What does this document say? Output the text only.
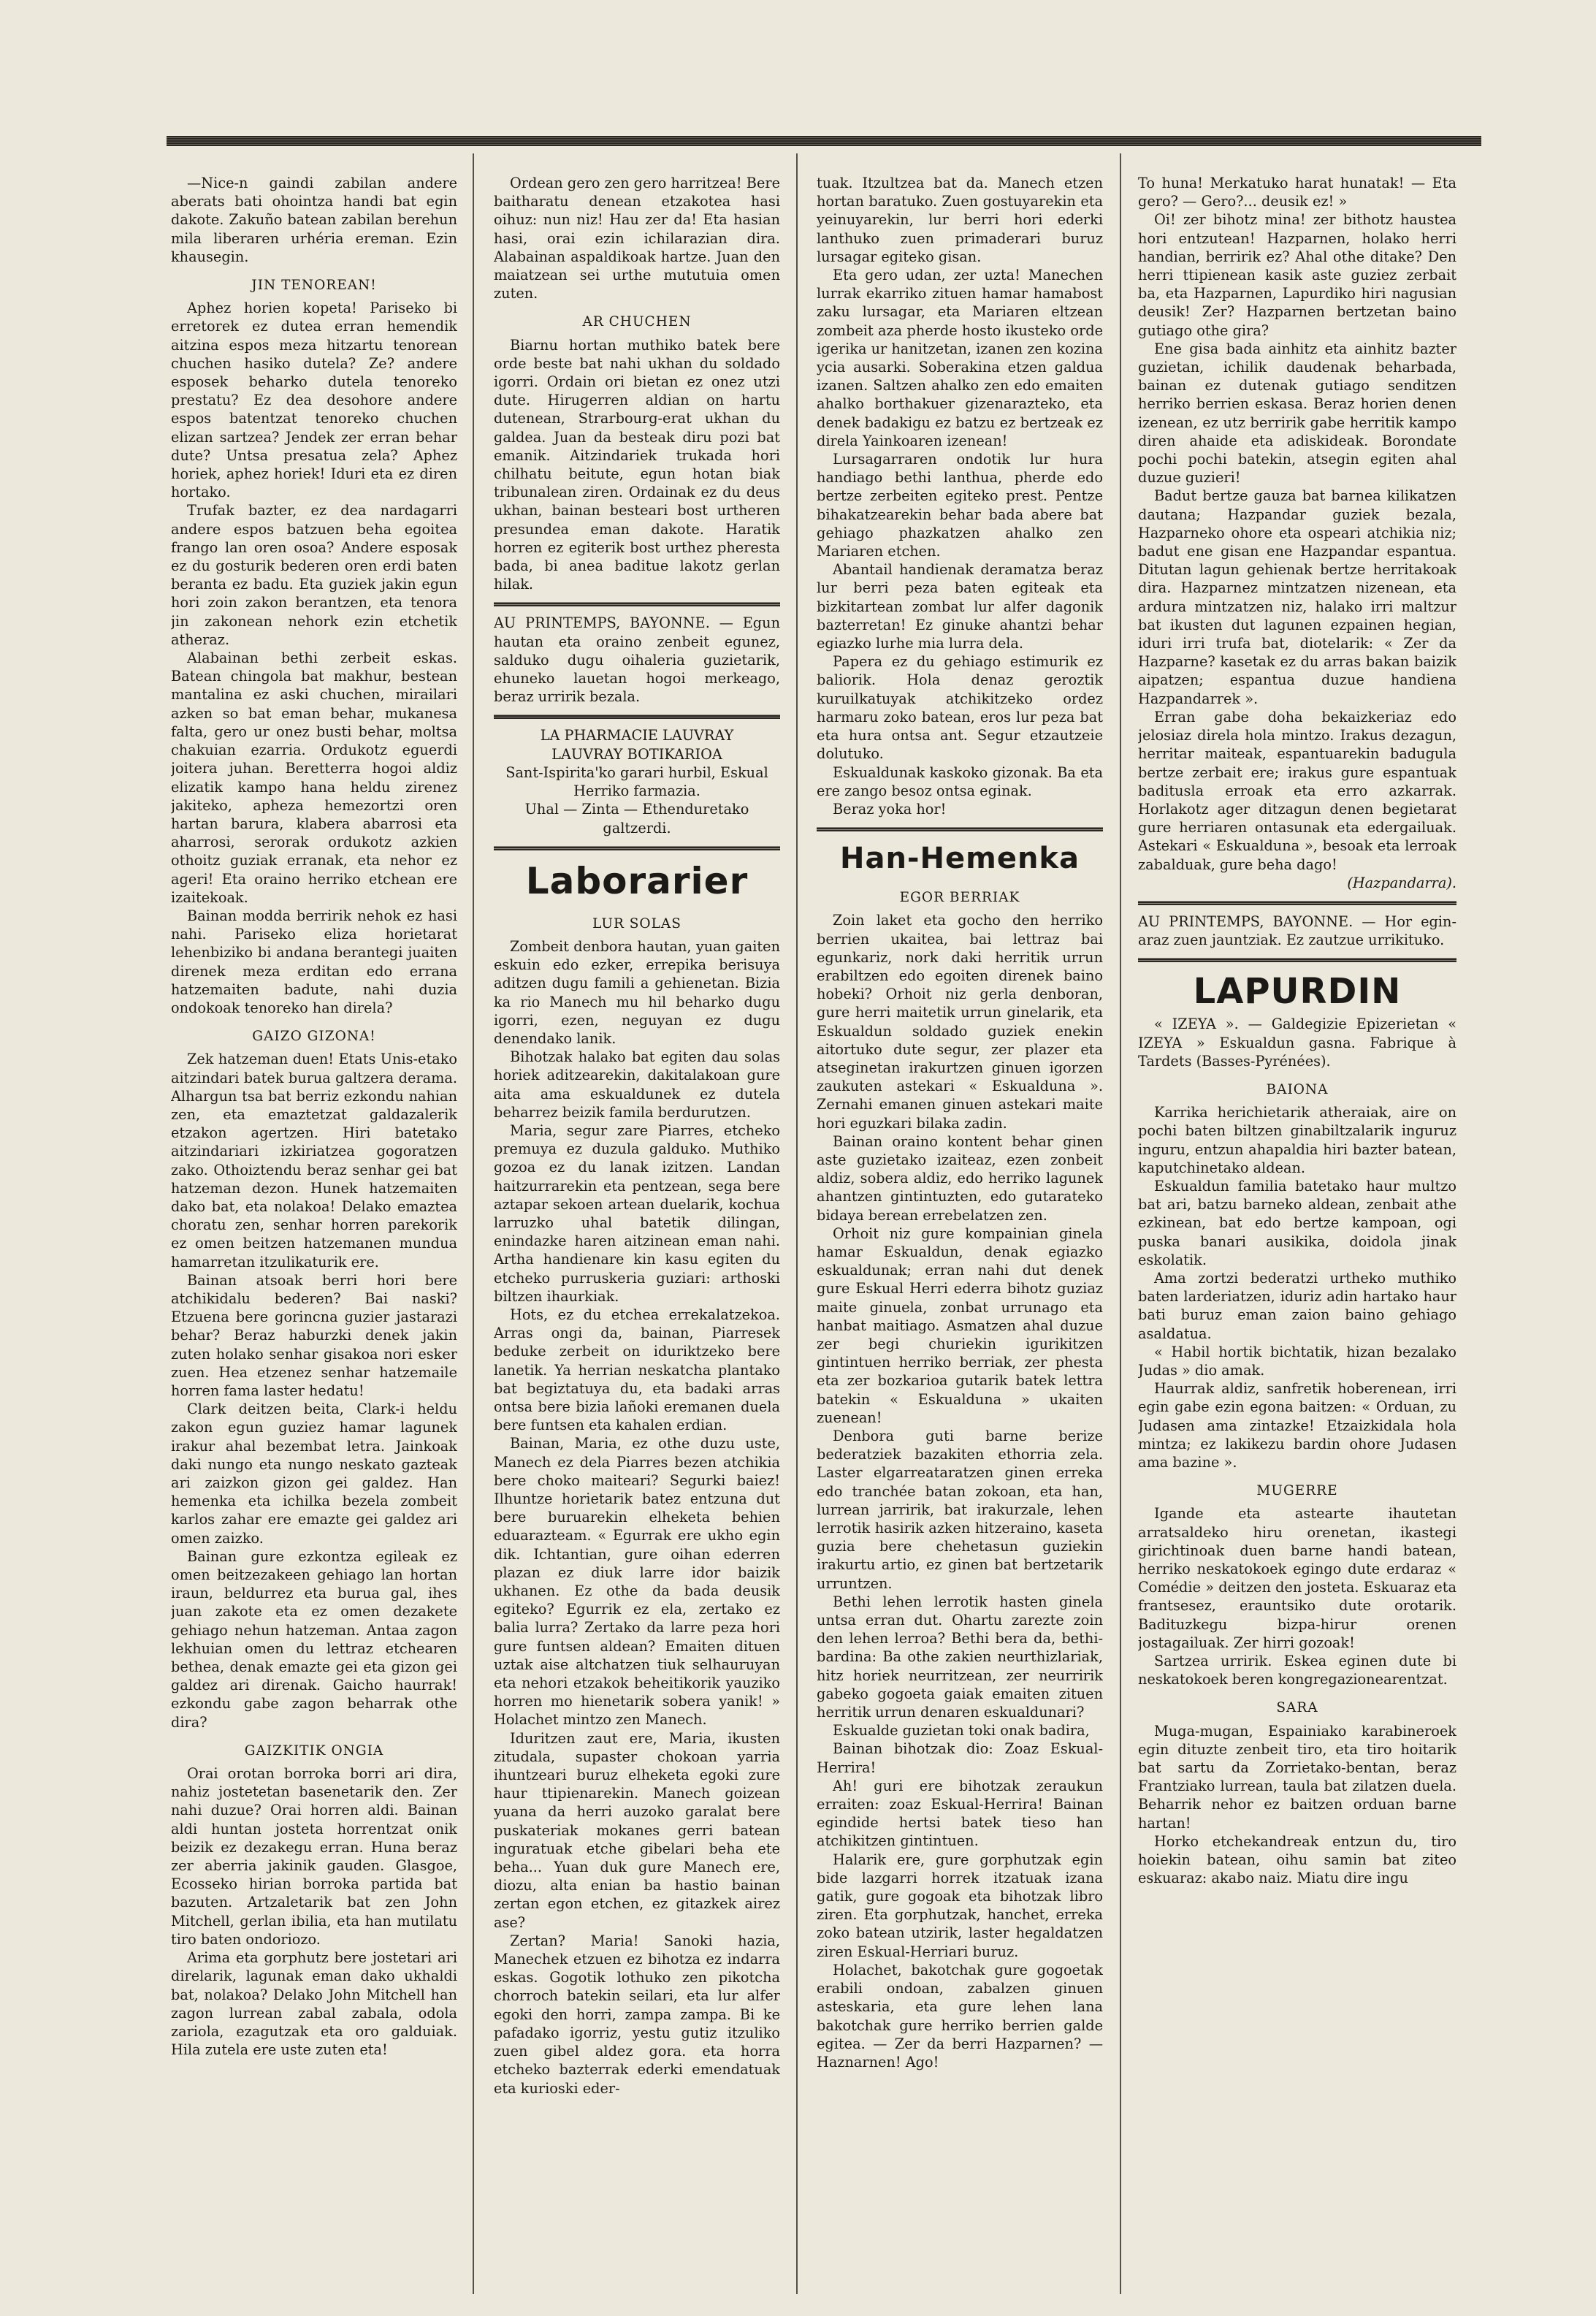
—Nice-n gaindi zabilan andere aberats bati ohointza handi bat egin dakote. Zakuño batean zabilan berehun mila liberaren urhéria ereman. Ezin khausegin.

JIN TENOREAN!

Aphez horien kopeta! Pariseko bi erretorek ez dutea erran hemendik aitzina espos meza hitzartu tenorean chuchen hasiko dutela? Ze? andere esposek beharko dutela tenoreko prestatu? Ez dea desohore andere espos batentzat tenoreko chuchen elizan sartzea? Jendek zer erran behar dute? Untsa presatua zela? Aphez horiek, aphez horiek! Iduri eta ez diren hortako.

Trufak bazter, ez dea nardagarri andere espos batzuen beha egoitea frango lan oren osoa? Andere esposak ez du gosturik bederen oren erdi baten beranta ez badu. Eta guziek jakin egun hori zoin zakon berantzen, eta tenora jin zakonean nehork ezin etchetik atheraz.

Alabainan bethi zerbeit eskas. Batean chingola bat makhur, bestean mantalina ez aski chuchen, mirailari azken so bat eman behar, mukanesa falta, gero ur onez busti behar, moltsa chakuian ezarria. Ordukotz eguerdi joitera juhan. Beretterra hogoi aldiz elizatik kampo hana heldu zirenez jakiteko, apheza hemezortzi oren hartan barura, klabera abarrosi eta aharrosi, serorak ordukotz azkien othoitz guziak erranak, eta nehor ez ageri! Eta oraino herriko etchean ere izaitekoak.

Bainan modda berririk nehok ez hasi nahi. Pariseko eliza horietarat lehenbiziko bi andana berantegi juaiten direnek meza erditan edo errana hatzemaiten badute, nahi duzia ondokoak tenoreko han direla?

GAIZO GIZONA!

Zek hatzeman duen! Etats Unis-etako aitzindari batek burua galtzera derama. Alhargun tsa bat berriz ezkondu nahian zen, eta emaztetzat galdazalerik etzakon agertzen. Hiri batetako aitzindariari izkiriatzea gogoratzen zako. Othoiztendu beraz senhar gei bat hatzeman dezon. Hunek hatzemaiten dako bat, eta nolakoa! Delako emaztea choratu zen, senhar horren parekorik ez omen beitzen hatzemanen mundua hamarretan itzulikaturik ere.

Bainan atsoak berri hori bere atchikidalu bederen? Bai naski? Etzuena bere gorincna guzier jastarazi behar? Beraz haburzki denek jakin zuten holako senhar gisakoa nori esker zuen. Hea etzenez senhar hatzemaile horren fama laster hedatu!

Clark deitzen beita, Clark-i heldu zakon egun guziez hamar lagunek irakur ahal bezembat letra. Jainkoak daki nungo eta nungo neskato gazteak ari zaizkon gizon gei galdez. Han hemenka eta ichilka bezela zombeit karlos zahar ere emazte gei galdez ari omen zaizko.

Bainan gure ezkontza egileak ez omen beitzezakeen gehiago lan hortan iraun, beldurrez eta burua gal, ihes juan zakote eta ez omen dezakete gehiago nehun hatzeman. Antaa zagon lekhuian omen du lettraz etchearen bethea, denak emazte gei eta gizon gei galdez ari direnak. Gaicho haurrak! ezkondu gabe zagon beharrak othe dira?

GAIZKITIK ONGIA

Orai orotan borroka borri ari dira, nahiz jostetetan basenetarik den. Zer nahi duzue? Orai horren aldi. Bainan aldi huntan josteta horrentzat onik beizik ez dezakegu erran. Huna beraz zer aberria jakinik gauden. Glasgoe, Ecosseko hirian borroka partida bat bazuten. Artzaletarik bat zen John Mitchell, gerlan ibilia, eta han mutilatu tiro baten ondoriozo.

Arima eta gorphutz bere jostetari ari direlarik, lagunak eman dako ukhaldi bat, nolakoa? Delako John Mitchell han zagon lurrean zabal zabala, odola zariola, ezagutzak eta oro galduiak. Hila zutela ere uste zuten eta!

Ordean gero zen gero harritzea! Bere baitharatu denean etzakotea hasi oihuz: nun niz! Hau zer da! Eta hasian hasi, orai ezin ichilarazian dira. Alabainan aspaldikoak hartze. Juan den maiatzean sei urthe mututuia omen zuten.

AR CHUCHEN

Biarnu hortan muthiko batek bere orde beste bat nahi ukhan du soldado igorri. Ordain ori bietan ez onez utzi dute. Hirugerren aldian on hartu dutenean, Strarbourg-erat ukhan du galdea. Juan da besteak diru pozi bat emanik. Aitzindariek trukada hori chilhatu beitute, egun hotan biak tribunalean ziren. Ordainak ez du deus ukhan, bainan besteari bost urtheren presundea eman dakote. Haratik horren ez egiterik bost urthez pheresta bada, bi anea baditue lakotz gerlan hilak.

AU PRINTEMPS, BAYONNE. — Egun hautan eta oraino zenbeit egunez, salduko dugu oihaleria guzietarik, ehuneko lauetan hogoi merkeago, beraz urririk bezala.

LA PHARMACIE LAUVRAY

LAUVRAY BOTIKARIOA

Sant-Ispirita'ko garari hurbil, Eskual Herriko farmazia.

Uhal — Zinta — Ethenduretako galtzerdi.

Laborarier
LUR SOLAS

Zombeit denbora hautan, yuan gaiten eskuin edo ezker, errepika berisuya aditzen dugu famili a gehienetan. Bizia ka rio Manech mu hil beharko dugu igorri, ezen, neguyan ez dugu denendako lanik.

Bihotzak halako bat egiten dau solas horiek aditzearekin, dakitalakoan gure aita ama eskualdunek ez dutela beharrez beizik famila berdurutzen.

Maria, segur zare Piarres, etcheko premuya ez duzula galduko. Muthiko gozoa ez du lanak izitzen. Landan haitzurrarekin eta pentzean, sega bere aztapar sekoen artean duelarik, kochua larruzko uhal batetik dilingan, enindazke haren aitzinean eman nahi. Artha handienare kin kasu egiten du etcheko purruskeria guziari: arthoski biltzen ihaurkiak.

Hots, ez du etchea errekalatzekoa. Arras ongi da, bainan, Piarresek beduke zerbeit on iduriktzeko bere lanetik. Ya herrian neskatcha plantako bat begiztatuya du, eta badaki arras ontsa bere bizia lañoki eremanen duela bere funtsen eta kahalen erdian.

Bainan, Maria, ez othe duzu uste, Manech ez dela Piarres bezen atchikia bere choko maiteari? Segurki baiez! Ilhuntze horietarik batez entzuna dut bere buruarekin elheketa behien eduarazteam. « Egurrak ere ukho egin dik. Ichtantian, gure oihan ederren plazan ez diuk larre idor baizik ukhanen. Ez othe da bada deusik egiteko? Egurrik ez ela, zertako ez balia lurra? Zertako da larre peza hori gure funtsen aldean? Emaiten dituen uztak aise altchatzen tiuk selhauruyan eta nehori etzakok beheitikorik yauziko horren mo hienetarik sobera yanik! » Holachet mintzo zen Manech.

Iduritzen zaut ere, Maria, ikusten zitudala, supaster chokoan yarria ihuntzeari buruz elheketa egoki zure haur ttipienarekin. Manech goizean yuana da herri auzoko garalat bere puskateriak mokanes gerri batean inguratuak etche gibelari beha ete beha... Yuan duk gure Manech ere, diozu, alta enian ba hastio bainan zertan egon etchen, ez gitazkek airez ase?

Zertan? Maria! Sanoki hazia, Manechek etzuen ez bihotza ez indarra eskas. Gogotik lothuko zen pikotcha chorroch batekin seilari, eta lur alfer egoki den horri, zampa zampa. Bi ke pafadako igorriz, yestu gutiz itzuliko zuen gibel aldez gora. eta horra etcheko bazterrak ederki emendatuak eta kurioski eder-

tuak. Itzultzea bat da. Manech etzen hortan baratuko. Zuen gostuyarekin eta yeinuyarekin, lur berri hori ederki lanthuko zuen primaderari buruz lursagar egiteko gisan.

Eta gero udan, zer uzta! Manechen lurrak ekarriko zituen hamar hamabost zaku lursagar, eta Mariaren eltzean zombeit aza pherde hosto ikusteko orde igerika ur hanitzetan, izanen zen kozina ycia ausarki. Soberakina etzen galdua izanen. Saltzen ahalko zen edo emaiten ahalko borthakuer gizenarazteko, eta denek badakigu ez batzu ez bertzeak ez direla Yainkoaren izenean!

Lursagarraren ondotik lur hura handiago bethi lanthua, pherde edo bertze zerbeiten egiteko prest. Pentze bihakatzearekin behar bada abere bat gehiago phazkatzen ahalko zen Mariaren etchen.

Abantail handienak deramatza beraz lur berri peza baten egiteak eta bizkitartean zombat lur alfer dagonik bazterretan! Ez ginuke ahantzi behar egiazko lurhe mia lurra dela.

Papera ez du gehiago estimurik ez baliorik. Hola denaz geroztik kuruilkatuyak atchikitzeko ordez harmaru zoko batean, eros lur peza bat eta hura ontsa ant. Segur etzautzeie dolutuko.

Eskualdunak kaskoko gizonak. Ba eta ere zango besoz ontsa eginak.

Beraz yoka hor!

Han-Hemenka
EGOR BERRIAK

Zoin laket eta gocho den herriko berrien ukaitea, bai lettraz bai egunkariz, nork daki herritik urrun erabiltzen edo egoiten direnek baino hobeki? Orhoit niz gerla denboran, gure herri maitetik urrun ginelarik, eta Eskualdun soldado guziek enekin aitortuko dute segur, zer plazer eta atseginetan irakurtzen ginuen igorzen zaukuten astekari « Eskualduna ». Zernahi emanen ginuen astekari maite hori eguzkari bilaka zadin.

Bainan oraino kontent behar ginen aste guzietako izaiteaz, ezen zonbeit aldiz, sobera aldiz, edo herriko lagunek ahantzen gintintuzten, edo gutarateko bidaya berean errebelatzen zen.

Orhoit niz gure kompainian ginela hamar Eskualdun, denak egiazko eskualdunak; erran nahi dut denek gure Eskual Herri ederra bihotz guziaz maite ginuela, zonbat urrunago eta hanbat maitiago. Asmatzen ahal duzue zer begi churiekin igurikitzen gintintuen herriko berriak, zer phesta eta zer bozkarioa gutarik batek lettra batekin « Eskualduna » ukaiten zuenean!

Denbora guti barne berize bederatziek bazakiten ethorria zela. Laster elgarreataratzen ginen erreka edo tranchée batan zokoan, eta han, lurrean jarririk, bat irakurzale, lehen lerrotik hasirik azken hitzeraino, kaseta guzia bere chehetasun guziekin irakurtu artio, ez ginen bat bertzetarik urruntzen.

Bethi lehen lerrotik hasten ginela untsa erran dut. Ohartu zarezte zoin den lehen lerroa? Bethi bera da, bethi-bardina: Ba othe zakien neurthizlariak, hitz horiek neurritzean, zer neurririk gabeko gogoeta gaiak emaiten zituen herritik urrun denaren eskualdunari?

Eskualde guzietan toki onak badira,

Bainan bihotzak dio: Zoaz Eskual-Herrira!

Ah! guri ere bihotzak zeraukun erraiten: zoaz Eskual-Herrira! Bainan egindide hertsi batek tieso han atchikitzen gintintuen.

Halarik ere, gure gorphutzak egin bide lazgarri horrek itzatuak izana gatik, gure gogoak eta bihotzak libro ziren. Eta gorphutzak, hanchet, erreka zoko batean utzirik, laster hegaldatzen ziren Eskual-Herriari buruz.

Holachet, bakotchak gure gogoetak erabili ondoan, zabalzen ginuen asteskaria, eta gure lehen lana bakotchak gure herriko berrien galde egitea. — Zer da berri Hazparnen? — Haznarnen! Ago!

To huna! Merkatuko harat hunatak! — Eta gero? — Gero?... deusik ez! »

Oi! zer bihotz mina! zer bithotz haustea hori entzutean! Hazparnen, holako herri handian, berririk ez? Ahal othe ditake? Den herri ttipienean kasik aste guziez zerbait ba, eta Hazparnen, Lapurdiko hiri nagusian deusik! Zer? Hazparnen bertzetan baino gutiago othe gira?

Ene gisa bada ainhitz eta ainhitz bazter guzietan, ichilik daudenak beharbada, bainan ez dutenak gutiago senditzen herriko berrien eskasa. Beraz horien denen izenean, ez utz berririk gabe herritik kampo diren ahaide eta adiskideak. Borondate pochi pochi batekin, atsegin egiten ahal duzue guzieri!

Badut bertze gauza bat barnea kilikatzen dautana; Hazpandar guziek bezala, Hazparneko ohore eta ospeari atchikia niz; badut ene gisan ene Hazpandar espantua. Ditutan lagun gehienak bertze herritakoak dira. Hazparnez mintzatzen nizenean, eta ardura mintzatzen niz, halako irri maltzur bat ikusten dut lagunen ezpainen hegian, iduri irri trufa bat, diotelarik: « Zer da Hazparne? kasetak ez du arras bakan baizik aipatzen; espantua duzue handiena Hazpandarrek ».

Erran gabe doha bekaizkeriaz edo jelosiaz direla hola mintzo. Irakus dezagun, herritar maiteak, espantuarekin badugula bertze zerbait ere; irakus gure espantuak baditusla erroak eta erro azkarrak. Horlakotz ager ditzagun denen begietarat gure herriaren ontasunak eta edergailuak. Astekari « Eskualduna », besoak eta lerroak zabalduak, gure beha dago!

(Hazpandarra).

AU PRINTEMPS, BAYONNE. — Hor egin-araz zuen jauntziak. Ez zautzue urrikituko.

LAPURDIN

« IZEYA ». — Galdegizie Epizerietan « IZEYA » Eskualdun gasna. Fabrique à Tardets (Basses-Pyrénées).

BAIONA

Karrika herichietarik atheraiak, aire on pochi baten biltzen ginabiltzalarik inguruz inguru, entzun ahapaldia hiri bazter batean, kaputchinetako aldean.

Eskualdun familia batetako haur multzo bat ari, batzu barneko aldean, zenbait athe ezkinean, bat edo bertze kampoan, ogi puska banari ausikika, doidola jinak eskolatik.

Ama zortzi bederatzi urtheko muthiko baten larderiatzen, iduriz adin hartako haur bati buruz eman zaion baino gehiago asaldatua.

« Habil hortik bichtatik, hizan bezalako Judas » dio amak.

Haurrak aldiz, sanfretik hoberenean, irri egin gabe ezin egona baitzen: « Orduan, zu Judasen ama zintazke! Etzaizkidala hola mintza; ez lakikezu bardin ohore Judasen ama bazine ».

MUGERRE

Igande eta astearte ihautetan arratsaldeko hiru orenetan, ikastegi girichtinoak duen barne handi batean, herriko neskatokoek egingo dute erdaraz « Comédie » deitzen den josteta. Eskuaraz eta frantsesez, erauntsiko dute orotarik. Badituzkegu bizpa-hirur orenen jostagailuak. Zer hirri gozoak!

Sartzea urririk. Eskea eginen dute bi neskatokoek beren kongregazionearentzat.

SARA

Muga-mugan, Espainiako karabineroek egin dituzte zenbeit tiro, eta tiro hoitarik bat sartu da Zorrietako-bentan, beraz Frantziako lurrean, taula bat zilatzen duela. Beharrik nehor ez baitzen orduan barne hartan!

Horko etchekandreak entzun du, tiro hoiekin batean, oihu samin bat ziteo eskuaraz: akabo naiz. Miatu dire ingu
